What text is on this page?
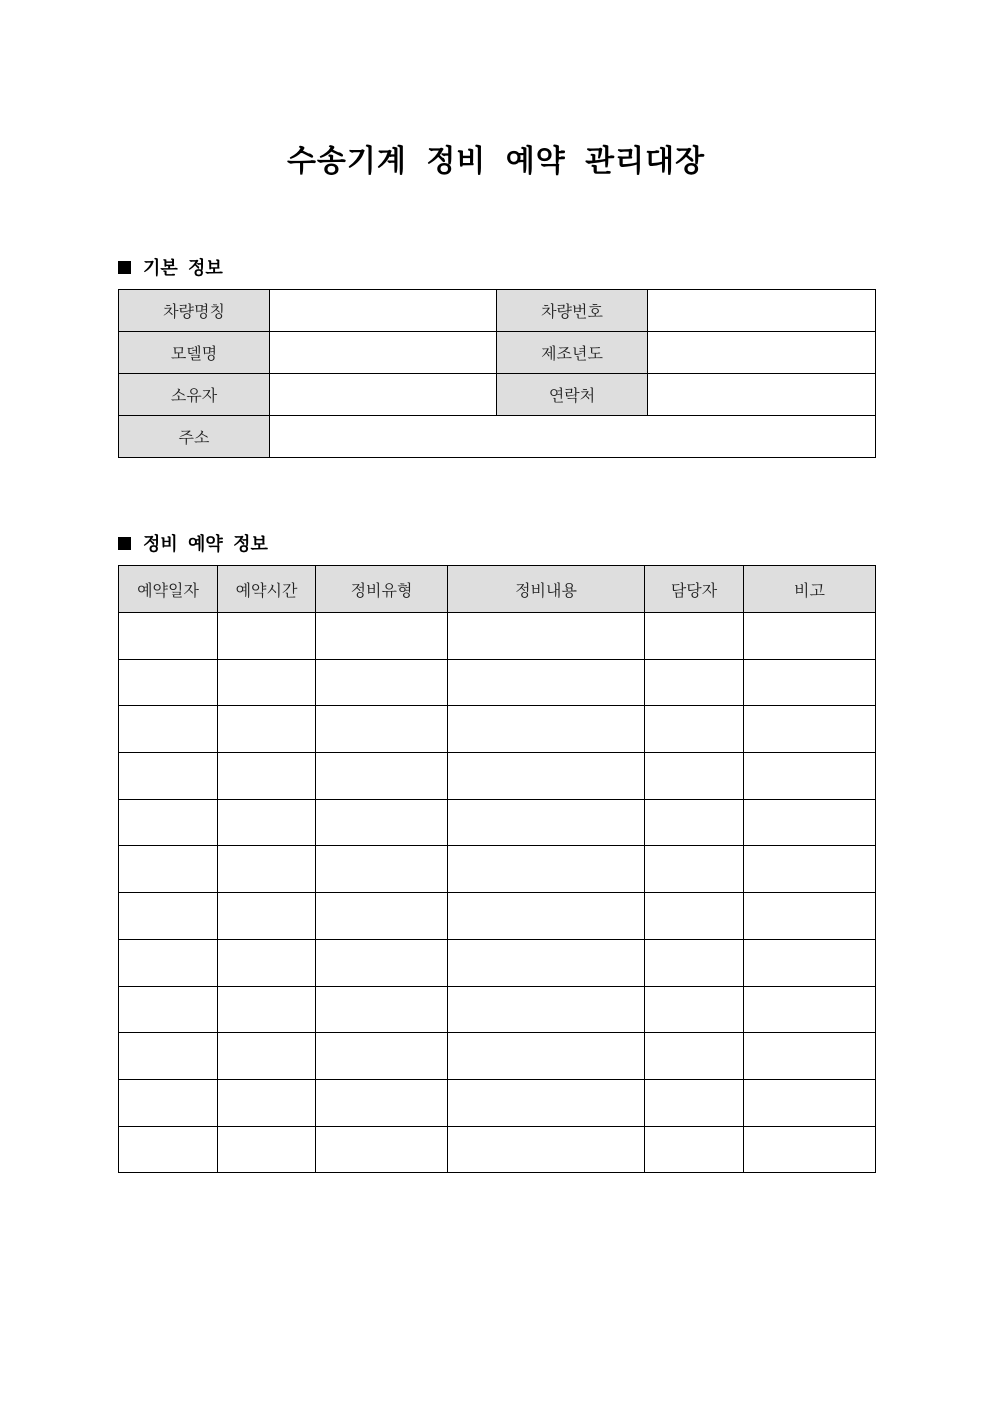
수송기계 정비 예약 관리대장
기본 정보
차량명칭		차량번호	
모델명		제조년도	
소유자		연락처	
주소			
정비 예약 정보
예약일자	예약시간	정비유형	정비내용	담당자	비고
